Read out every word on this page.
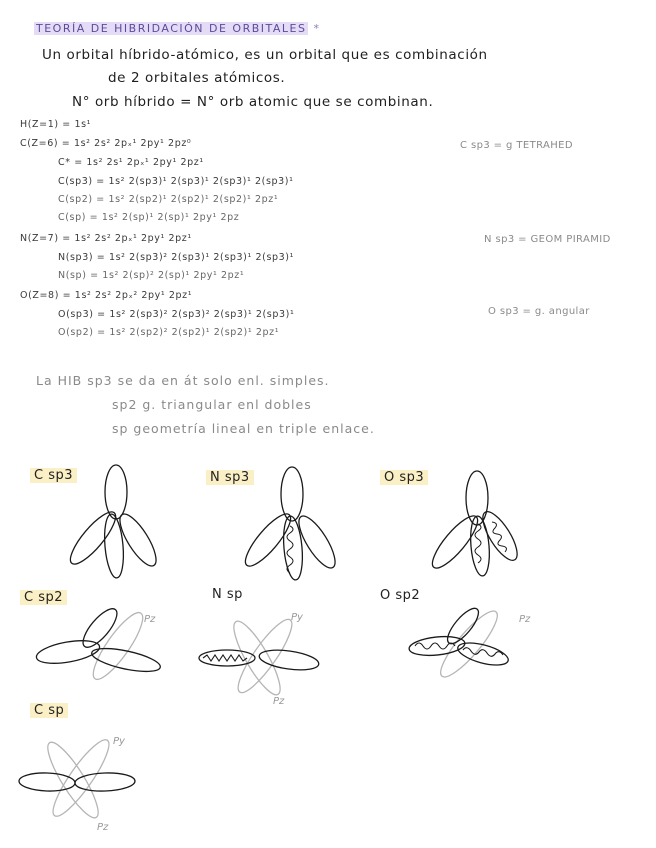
TEORÍA DE HIBRIDACIÓN DE ORBITALES *
Un orbital híbrido-atómico, es un orbital que es combinación
de 2 orbitales atómicos.
N° orb híbrido = N° orb atomic que se combinan.
H(Z=1) = 1s¹
C(Z=6) = 1s² 2s² 2pₓ¹ 2py¹ 2pz⁰
C* = 1s² 2s¹ 2pₓ¹ 2py¹ 2pz¹
C(sp3) = 1s² 2(sp3)¹ 2(sp3)¹ 2(sp3)¹ 2(sp3)¹
C(sp2) = 1s² 2(sp2)¹ 2(sp2)¹ 2(sp2)¹ 2pz¹
C(sp) = 1s² 2(sp)¹ 2(sp)¹ 2py¹ 2pz
N(Z=7) = 1s² 2s² 2pₓ¹ 2py¹ 2pz¹
N(sp3) = 1s² 2(sp3)² 2(sp3)¹ 2(sp3)¹ 2(sp3)¹
N(sp) = 1s² 2(sp)² 2(sp)¹ 2py¹ 2pz¹
O(Z=8) = 1s² 2s² 2pₓ² 2py¹ 2pz¹
O(sp3) = 1s² 2(sp3)² 2(sp3)² 2(sp3)¹ 2(sp3)¹
O(sp2) = 1s² 2(sp2)² 2(sp2)¹ 2(sp2)¹ 2pz¹
C sp3 = g TETRAHED
N sp3 = GEOM PIRAMID
O sp3 = g. angular
La HIB sp3 se da en át solo enl. simples.
sp2 g. triangular enl dobles
sp geometría lineal en triple enlace.
C sp3	N sp3	O sp3
C sp2	N sp	O sp2
C sp
Pz	Py
Pz
Pz
Py
Pz
